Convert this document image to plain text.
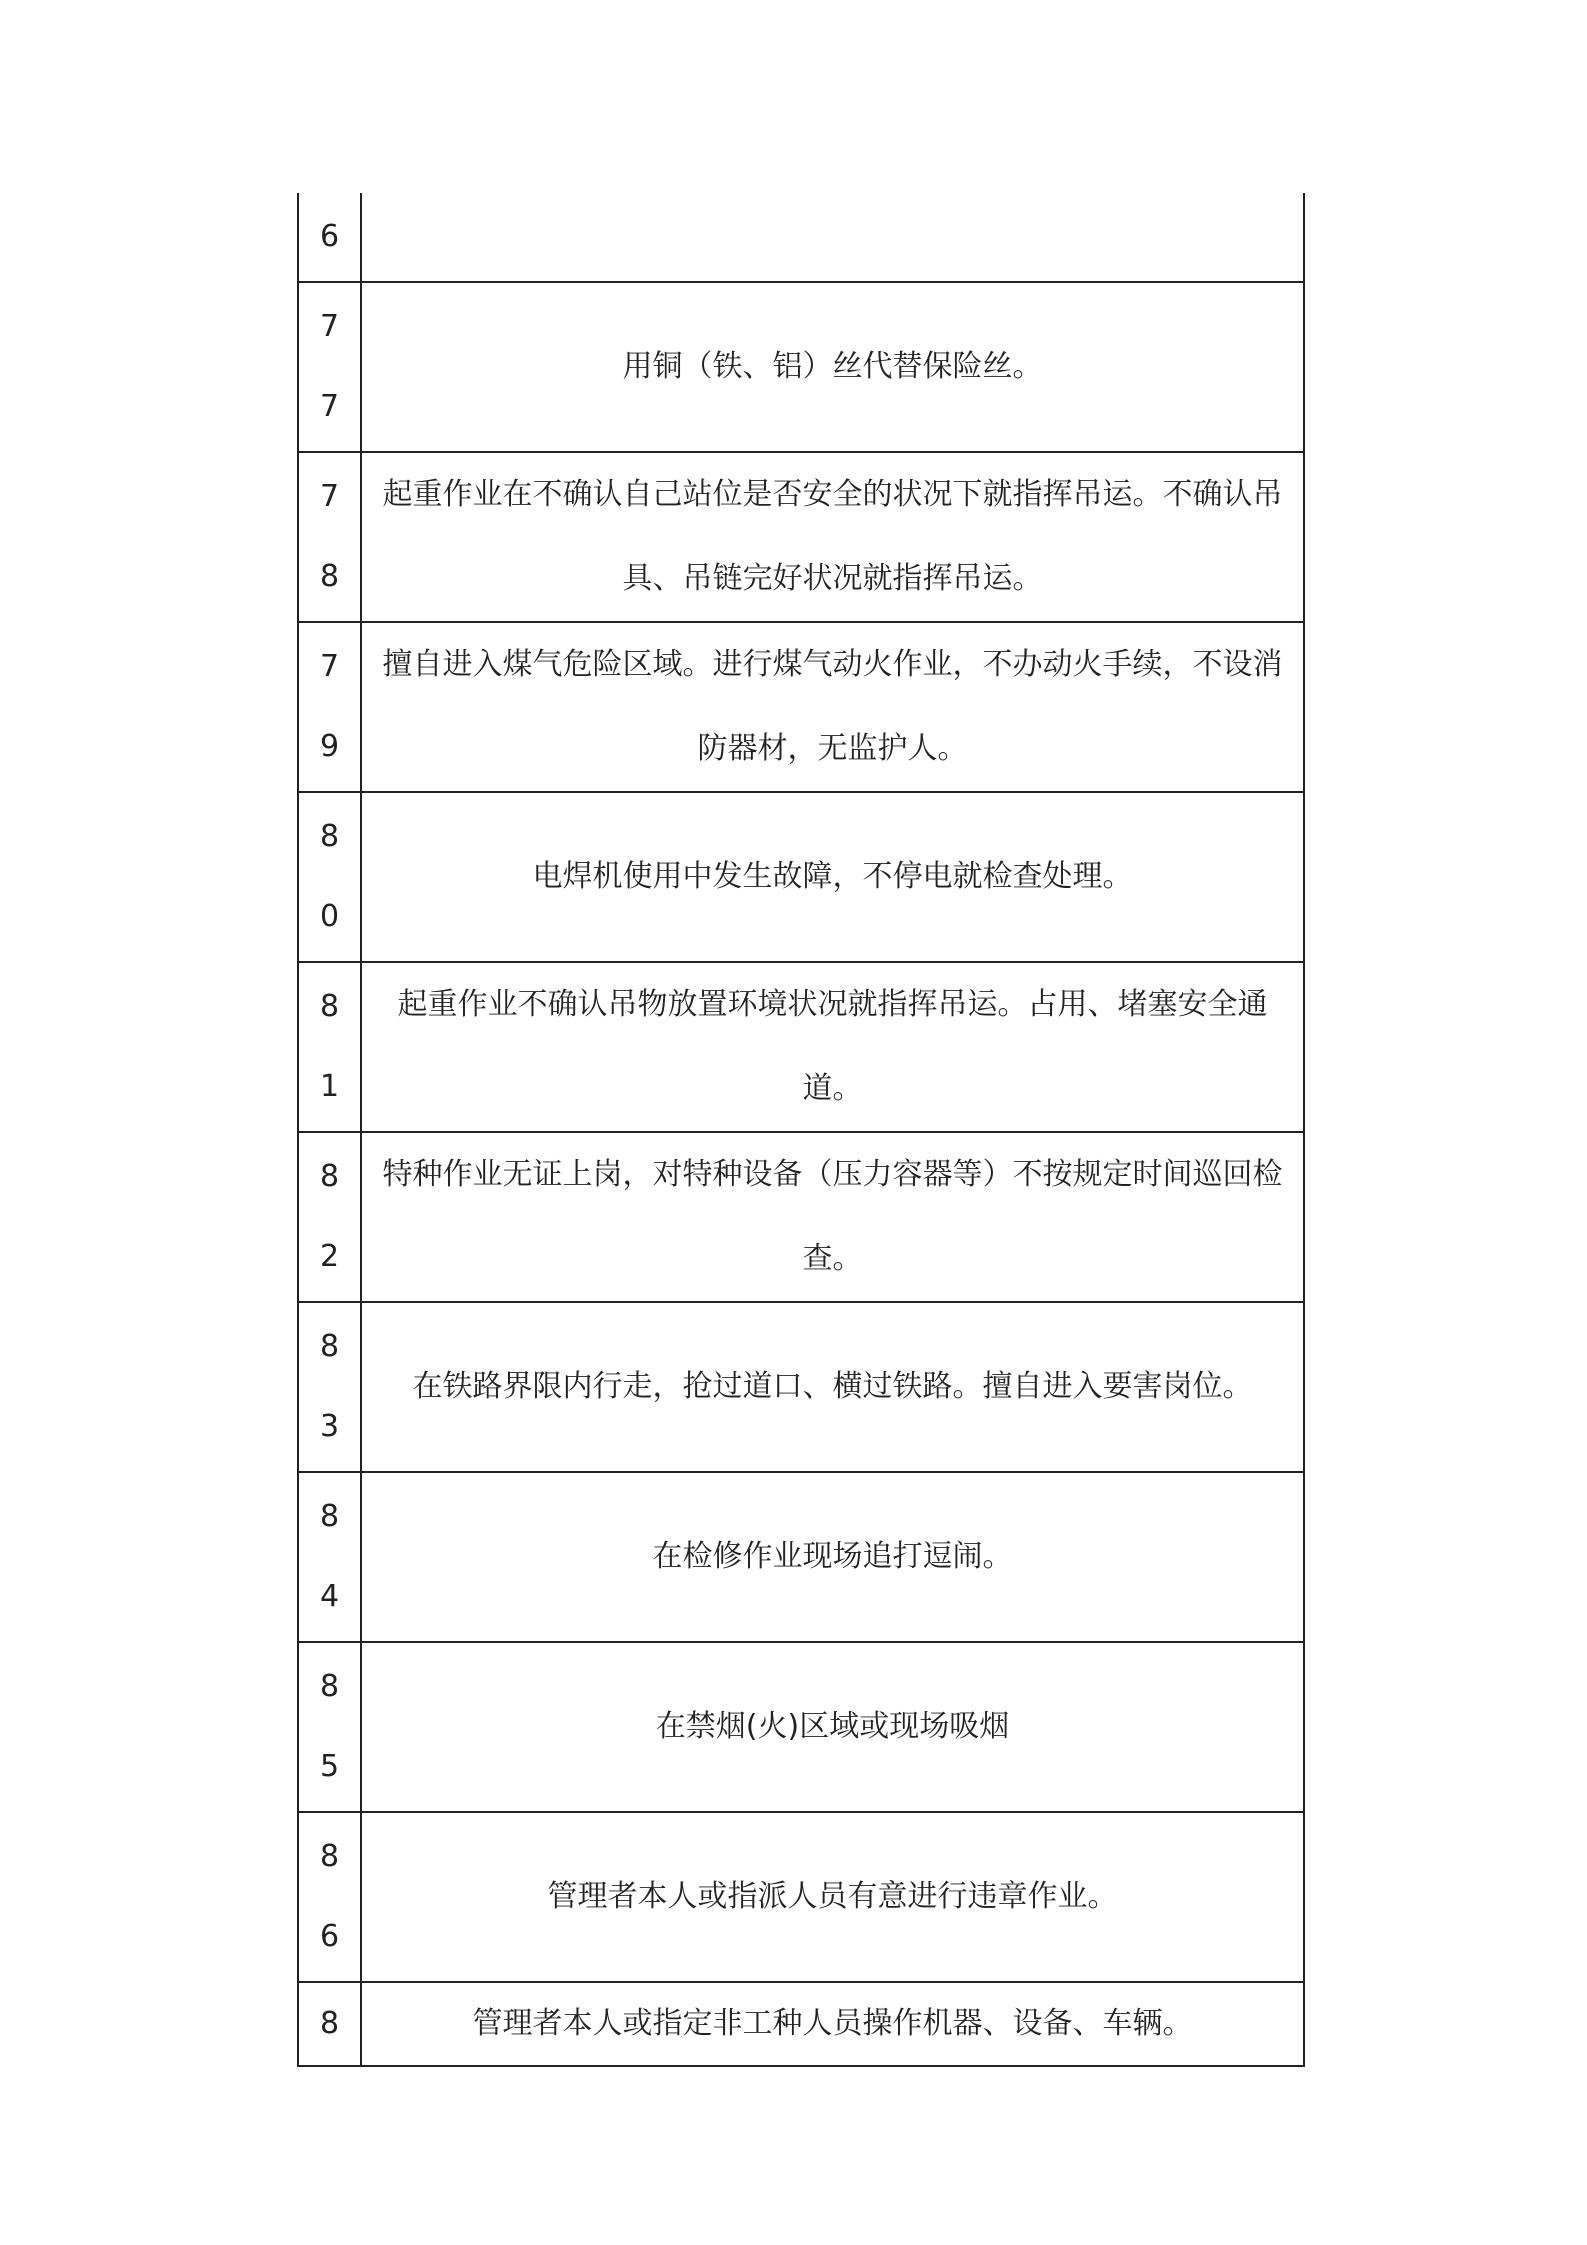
6
7
7
用铜（铁、铝）丝代替保险丝。
7
8
起重作业在不确认自己站位是否安全的状况下就指挥吊运。不确认吊具、吊链完好状况就指挥吊运。
7
9
擅自进入煤气危险区域。进行煤气动火作业，不办动火手续，不设消防器材，无监护人。
8
0
电焊机使用中发生故障，不停电就检查处理。
8
1
起重作业不确认吊物放置环境状况就指挥吊运。占用、堵塞安全通道。
8
2
特种作业无证上岗，对特种设备（压力容器等）不按规定时间巡回检查。
8
3
在铁路界限内行走，抢过道口、横过铁路。擅自进入要害岗位。
8
4
在检修作业现场追打逗闹。
8
5
在禁烟(火)区域或现场吸烟
8
6
管理者本人或指派人员有意进行违章作业。
8	管理者本人或指定非工种人员操作机器、设备、车辆。
